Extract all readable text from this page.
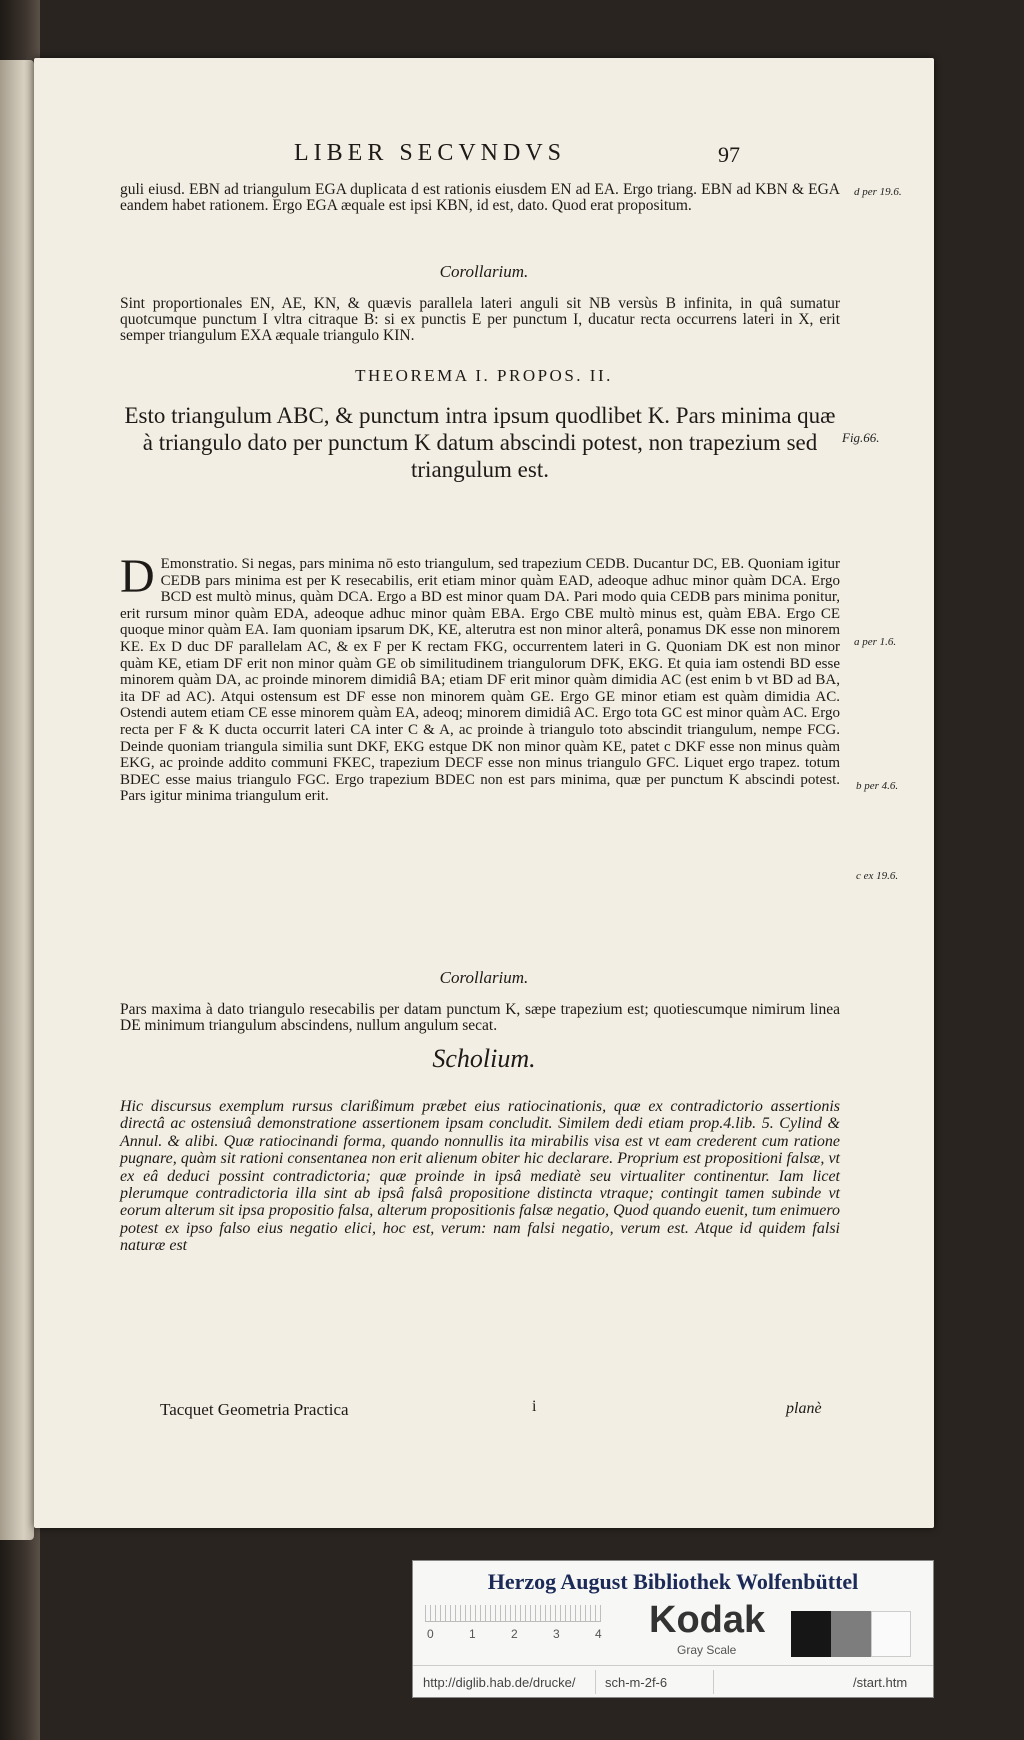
LIBER SECVNDVS	97
guli eiusd. EBN ad triangulum EGA duplicata d est rationis eiusdem EN ad EA. Ergo triang. EBN ad KBN & EGA eandem habet rationem. Ergo EGA æquale est ipsi KBN, id est, dato. Quod erat propositum.
d per 19.6.
Corollarium.
Sint proportionales EN, AE, KN, & quævis parallela lateri anguli sit NB versùs B infinita, in quâ sumatur quotcumque punctum I vltra citraque B: si ex punctis E per punctum I, ducatur recta occurrens lateri in X, erit semper triangulum EXA æquale triangulo KIN.
THEOREMA I. PROPOS. II.
Esto triangulum ABC, & punctum intra ipsum quodlibet K. Pars minima quæ à triangulo dato per punctum K datum abscindi potest, non trapezium sed triangulum est.
Fig.66.
D Emonstratio. Si negas, pars minima nō esto triangulum, sed trapezium CEDB. Ducantur DC, EB. Quoniam igitur CEDB pars minima est per K resecabilis, erit etiam minor quàm EAD, adeoque adhuc minor quàm DCA. Ergo BCD est multò minus, quàm DCA. Ergo a BD est minor quam DA. Pari modo quia CEDB pars minima ponitur, erit rursum minor quàm EDA, adeoque adhuc minor quàm EBA. Ergo CBE multò minus est, quàm EBA. Ergo CE quoque minor quàm EA. Iam quoniam ipsarum DK, KE, alterutra est non minor alterâ, ponamus DK esse non minorem KE. Ex D duc DF parallelam AC, & ex F per K rectam FKG, occurrentem lateri in G. Quoniam DK est non minor quàm KE, etiam DF erit non minor quàm GE ob similitudinem triangulorum DFK, EKG. Et quia iam ostendi BD esse minorem quàm DA, ac proinde minorem dimidiâ BA; etiam DF erit minor quàm dimidia AC (est enim b vt BD ad BA, ita DF ad AC). Atqui ostensum est DF esse non minorem quàm GE. Ergo GE minor etiam est quàm dimidia AC. Ostendi autem etiam CE esse minorem quàm EA, adeoq; minorem dimidiâ AC. Ergo tota GC est minor quàm AC. Ergo recta per F & K ducta occurrit lateri CA inter C & A, ac proinde à triangulo toto abscindit triangulum, nempe FCG. Deinde quoniam triangula similia sunt DKF, EKG estque DK non minor quàm KE, patet c DKF esse non minus quàm EKG, ac proinde addito communi FKEC, trapezium DECF esse non minus triangulo GFC. Liquet ergo trapez. totum BDEC esse maius triangulo FGC. Ergo trapezium BDEC non est pars minima, quæ per punctum K abscindi potest. Pars igitur minima triangulum erit.
a per 1.6.
b per 4.6.
c ex 19.6.
Corollarium.
Pars maxima à dato triangulo resecabilis per datam punctum K, sæpe trapezium est; quotiescumque nimirum linea DE minimum triangulum abscindens, nullum angulum secat.
Scholium.
Hic discursus exemplum rursus clarißimum præbet eius ratiocinationis, quæ ex contradictorio assertionis directâ ac ostensiuâ demonstratione assertionem ipsam concludit. Similem dedi etiam prop.4.lib. 5. Cylind & Annul. & alibi. Quæ ratiocinandi forma, quando nonnullis ita mirabilis visa est vt eam crederent cum ratione pugnare, quàm sit rationi consentanea non erit alienum obiter hic declarare. Proprium est propositioni falsæ, vt ex eâ deduci possint contradictoria; quæ proinde in ipsâ mediatè seu virtualiter continentur. Iam licet plerumque contradictoria illa sint ab ipsâ falsâ propositione distincta vtraque; contingit tamen subinde vt eorum alterum sit ipsa propositio falsa, alterum propositionis falsæ negatio, Quod quando euenit, tum enimuero potest ex ipso falso eius negatio elici, hoc est, verum: nam falsi negatio, verum est. Atque id quidem falsi naturæ est
Tacquet Geometria Practica	i	planè
Herzog August Bibliothek Wolfenbüttel
0	1	2	3	4 Kodak
Gray Scale
http://diglib.hab.de/drucke/ sch-m-2f-6	/start.htm
